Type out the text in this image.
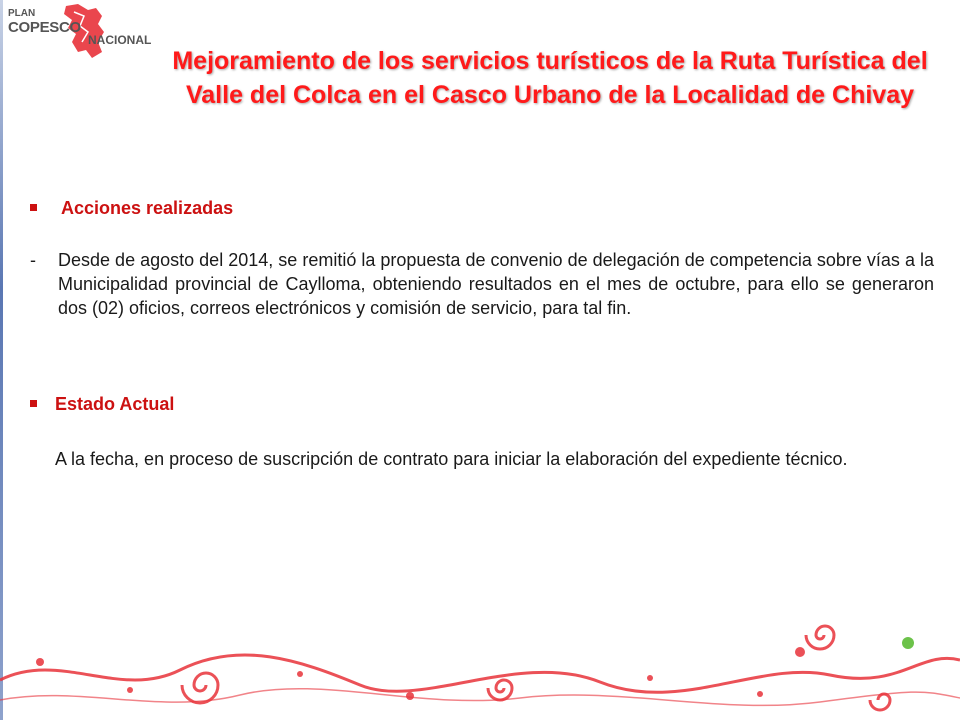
PLAN
COPESCO
NACIONAL
Mejoramiento de los servicios turísticos de la Ruta Turística del Valle del Colca en el Casco Urbano de la Localidad de Chivay
Acciones realizadas
- Desde de agosto del 2014, se remitió la propuesta de convenio de delegación de competencia sobre vías a la Municipalidad provincial de Caylloma, obteniendo resultados en el mes de octubre, para ello se generaron dos (02) oficios, correos electrónicos y comisión de servicio, para tal fin.
Estado Actual
A la fecha, en proceso de suscripción de contrato para iniciar la elaboración del expediente técnico.
